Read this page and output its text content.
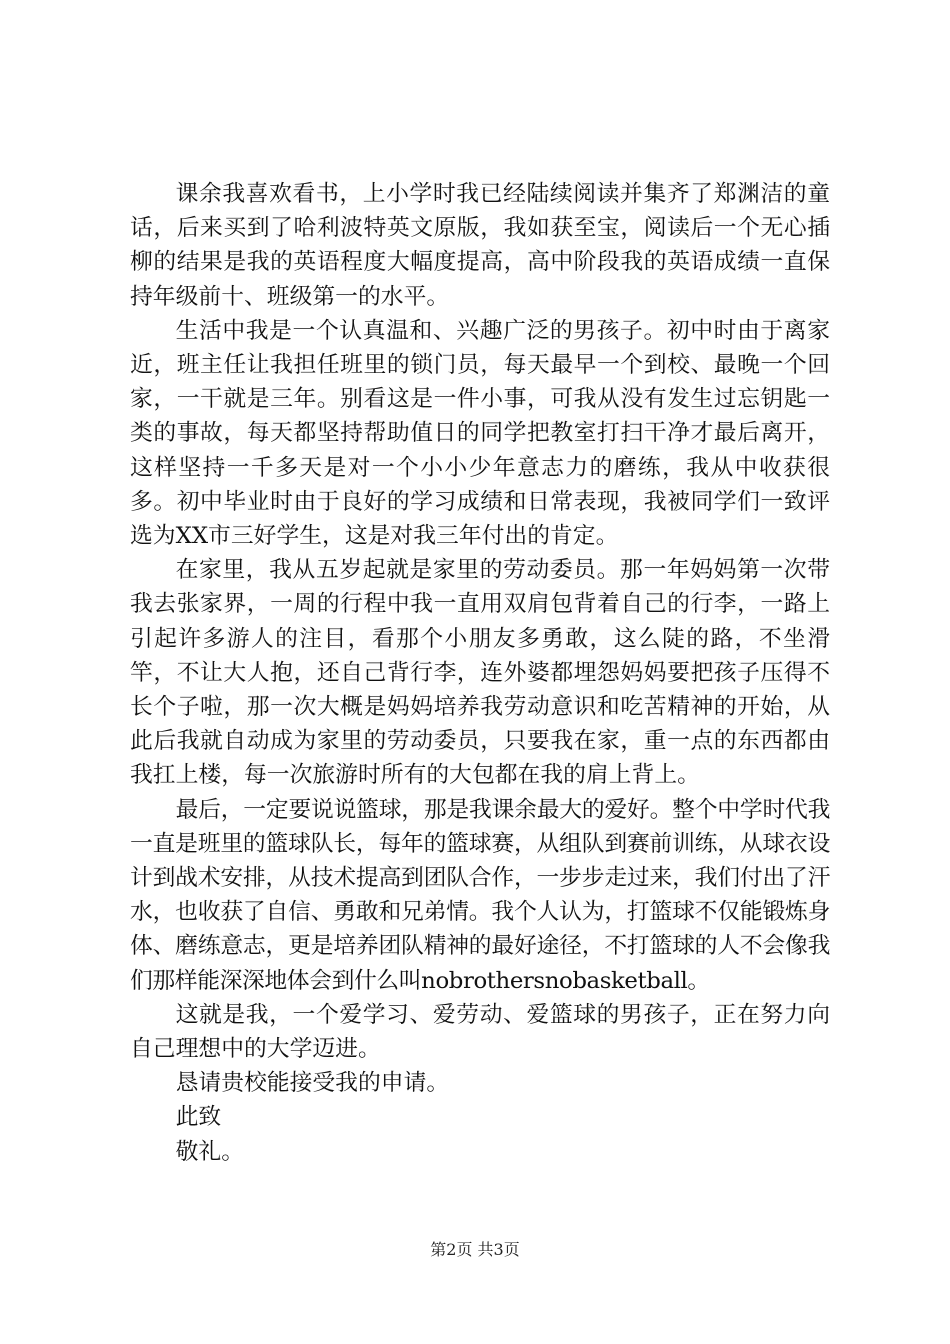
课余我喜欢看书，上小学时我已经陆续阅读并集齐了郑渊洁的童话，后来买到了哈利波特英文原版，我如获至宝，阅读后一个无心插柳的结果是我的英语程度大幅度提高，高中阶段我的英语成绩一直保持年级前十、班级第一的水平。

生活中我是一个认真温和、兴趣广泛的男孩子。初中时由于离家近，班主任让我担任班里的锁门员，每天最早一个到校、最晚一个回家，一干就是三年。别看这是一件小事，可我从没有发生过忘钥匙一类的事故，每天都坚持帮助值日的同学把教室打扫干净才最后离开，这样坚持一千多天是对一个小小少年意志力的磨练，我从中收获很多。初中毕业时由于良好的学习成绩和日常表现，我被同学们一致评选为XX市三好学生，这是对我三年付出的肯定。

在家里，我从五岁起就是家里的劳动委员。那一年妈妈第一次带我去张家界，一周的行程中我一直用双肩包背着自己的行李，一路上引起许多游人的注目，看那个小朋友多勇敢，这么陡的路，不坐滑竿，不让大人抱，还自己背行李，连外婆都埋怨妈妈要把孩子压得不长个子啦，那一次大概是妈妈培养我劳动意识和吃苦精神的开始，从此后我就自动成为家里的劳动委员，只要我在家，重一点的东西都由我扛上楼，每一次旅游时所有的大包都在我的肩上背上。

最后，一定要说说篮球，那是我课余最大的爱好。整个中学时代我一直是班里的篮球队长，每年的篮球赛，从组队到赛前训练，从球衣设计到战术安排，从技术提高到团队合作，一步步走过来，我们付出了汗水，也收获了自信、勇敢和兄弟情。我个人认为，打篮球不仅能锻炼身体、磨练意志，更是培养团队精神的最好途径，不打篮球的人不会像我们那样能深深地体会到什么叫nobrothersnobasketball。

这就是我，一个爱学习、爱劳动、爱篮球的男孩子，正在努力向自己理想中的大学迈进。

恳请贵校能接受我的申请。

此致

敬礼。

第2页 共3页
